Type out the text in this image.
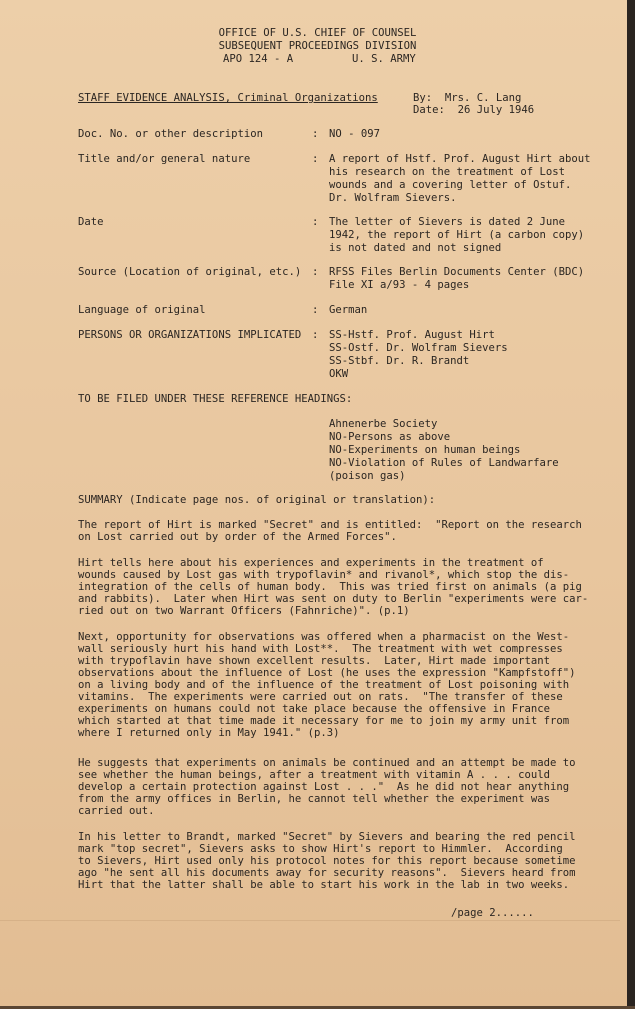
OFFICE OF U.S. CHIEF OF COUNSEL
SUBSEQUENT PROCEEDINGS DIVISION
APO 124 - A	U. S. ARMY
STAFF EVIDENCE ANALYSIS, Criminal Organizations	By:  Mrs. C. Lang
Date:  26 July 1946
Doc. No. or other description	: NO - 097
Title and/or general nature	: A report of Hstf. Prof. August Hirt about
his research on the treatment of Lost
wounds and a covering letter of Ostuf.
Dr. Wolfram Sievers.
Date	: The letter of Sievers is dated 2 June
1942, the report of Hirt (a carbon copy)
is not dated and not signed
Source (Location of original, etc.) : RFSS Files Berlin Documents Center (BDC)
File XI a/93 - 4 pages
Language of original	: German
PERSONS OR ORGANIZATIONS IMPLICATED : SS-Hstf. Prof. August Hirt
SS-Ostf. Dr. Wolfram Sievers
SS-Stbf. Dr. R. Brandt
OKW
TO BE FILED UNDER THESE REFERENCE HEADINGS:
Ahnenerbe Society
NO-Persons as above
NO-Experiments on human beings
NO-Violation of Rules of Landwarfare
(poison gas)
SUMMARY (Indicate page nos. of original or translation):
The report of Hirt is marked "Secret" and is entitled:  "Report on the research
on Lost carried out by order of the Armed Forces".
Hirt tells here about his experiences and experiments in the treatment of
wounds caused by Lost gas with trypoflavin* and rivanol*, which stop the dis-
integration of the cells of human body.  This was tried first on animals (a pig
and rabbits).  Later when Hirt was sent on duty to Berlin "experiments were car-
ried out on two Warrant Officers (Fahnriche)". (p.1)
Next, opportunity for observations was offered when a pharmacist on the West-
wall seriously hurt his hand with Lost**.  The treatment with wet compresses
with trypoflavin have shown excellent results.  Later, Hirt made important
observations about the influence of Lost (he uses the expression "Kampfstoff")
on a living body and of the influence of the treatment of Lost poisoning with
vitamins.  The experiments were carried out on rats.  "The transfer of these
experiments on humans could not take place because the offensive in France
which started at that time made it necessary for me to join my army unit from
where I returned only in May 1941." (p.3)
He suggests that experiments on animals be continued and an attempt be made to
see whether the human beings, after a treatment with vitamin A . . . could
develop a certain protection against Lost . . ."  As he did not hear anything
from the army offices in Berlin, he cannot tell whether the experiment was
carried out.
In his letter to Brandt, marked "Secret" by Sievers and bearing the red pencil
mark "top secret", Sievers asks to show Hirt's report to Himmler.  According
to Sievers, Hirt used only his protocol notes for this report because sometime
ago "he sent all his documents away for security reasons".  Sievers heard from
Hirt that the latter shall be able to start his work in the lab in two weeks.
/page 2......
